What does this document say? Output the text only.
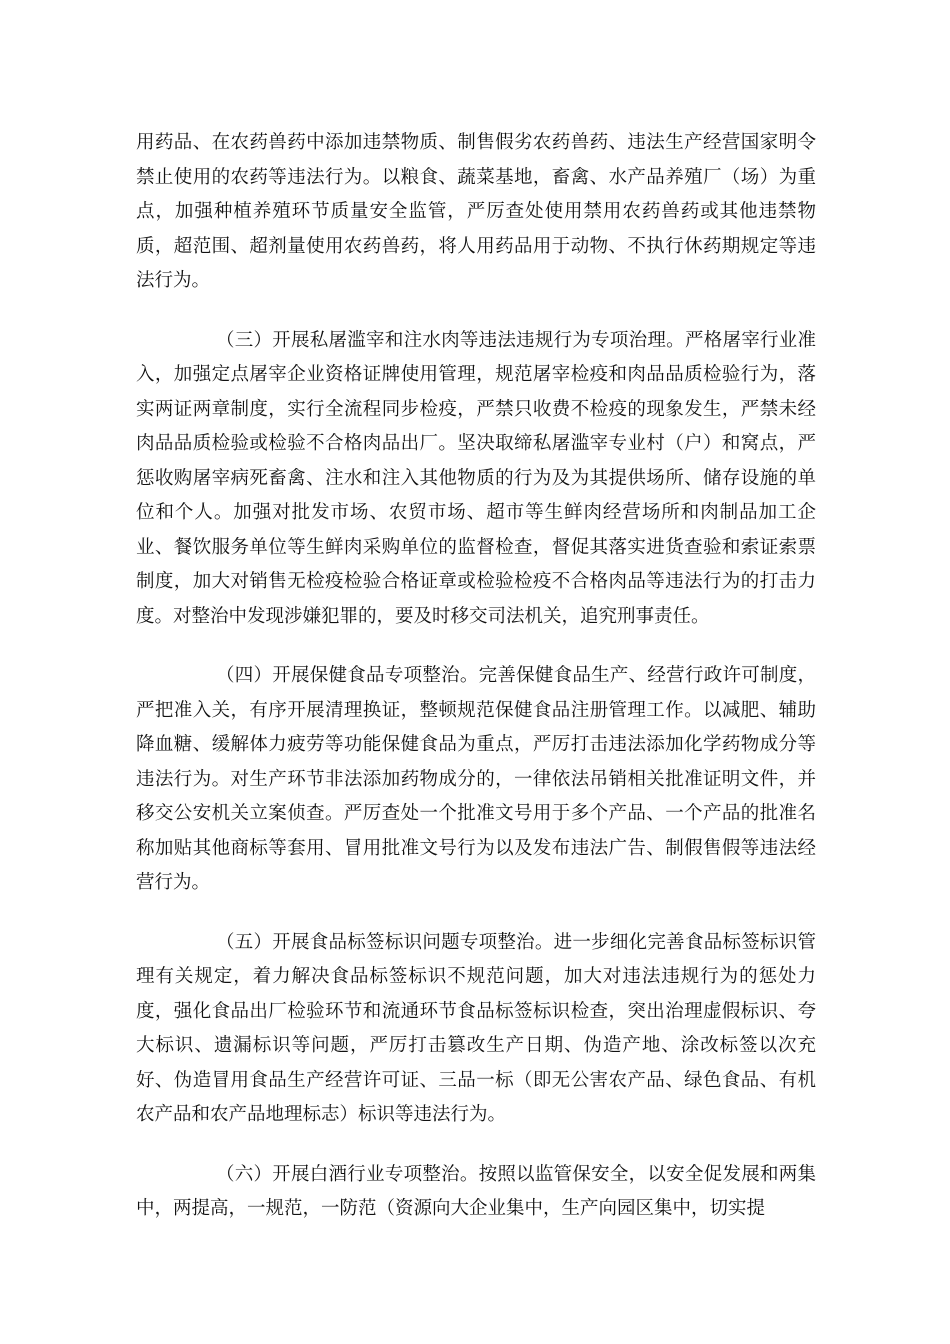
用药品、在农药兽药中添加违禁物质、制售假劣农药兽药、违法生产经营国家明令禁止使用的农药等违法行为。以粮食、蔬菜基地，畜禽、水产品养殖厂（场）为重点，加强种植养殖环节质量安全监管，严厉查处使用禁用农药兽药或其他违禁物质，超范围、超剂量使用农药兽药，将人用药品用于动物、不执行休药期规定等违法行为。

（三）开展私屠滥宰和注水肉等违法违规行为专项治理。严格屠宰行业准入，加强定点屠宰企业资格证牌使用管理，规范屠宰检疫和肉品品质检验行为，落实两证两章制度，实行全流程同步检疫，严禁只收费不检疫的现象发生，严禁未经肉品品质检验或检验不合格肉品出厂。坚决取缔私屠滥宰专业村（户）和窝点，严惩收购屠宰病死畜禽、注水和注入其他物质的行为及为其提供场所、储存设施的单位和个人。加强对批发市场、农贸市场、超市等生鲜肉经营场所和肉制品加工企业、餐饮服务单位等生鲜肉采购单位的监督检查，督促其落实进货查验和索证索票制度，加大对销售无检疫检验合格证章或检验检疫不合格肉品等违法行为的打击力度。对整治中发现涉嫌犯罪的，要及时移交司法机关，追究刑事责任。

（四）开展保健食品专项整治。完善保健食品生产、经营行政许可制度，严把准入关，有序开展清理换证，整顿规范保健食品注册管理工作。以减肥、辅助降血糖、缓解体力疲劳等功能保健食品为重点，严厉打击违法添加化学药物成分等违法行为。对生产环节非法添加药物成分的，一律依法吊销相关批准证明文件，并移交公安机关立案侦查。严厉查处一个批准文号用于多个产品、一个产品的批准名称加贴其他商标等套用、冒用批准文号行为以及发布违法广告、制假售假等违法经营行为。

（五）开展食品标签标识问题专项整治。进一步细化完善食品标签标识管理有关规定，着力解决食品标签标识不规范问题，加大对违法违规行为的惩处力度，强化食品出厂检验环节和流通环节食品标签标识检查，突出治理虚假标识、夸大标识、遗漏标识等问题，严厉打击篡改生产日期、伪造产地、涂改标签以次充好、伪造冒用食品生产经营许可证、三品一标（即无公害农产品、绿色食品、有机农产品和农产品地理标志）标识等违法行为。

（六）开展白酒行业专项整治。按照以监管保安全，以安全促发展和两集中，两提高，一规范，一防范（资源向大企业集中，生产向园区集中，切实提
